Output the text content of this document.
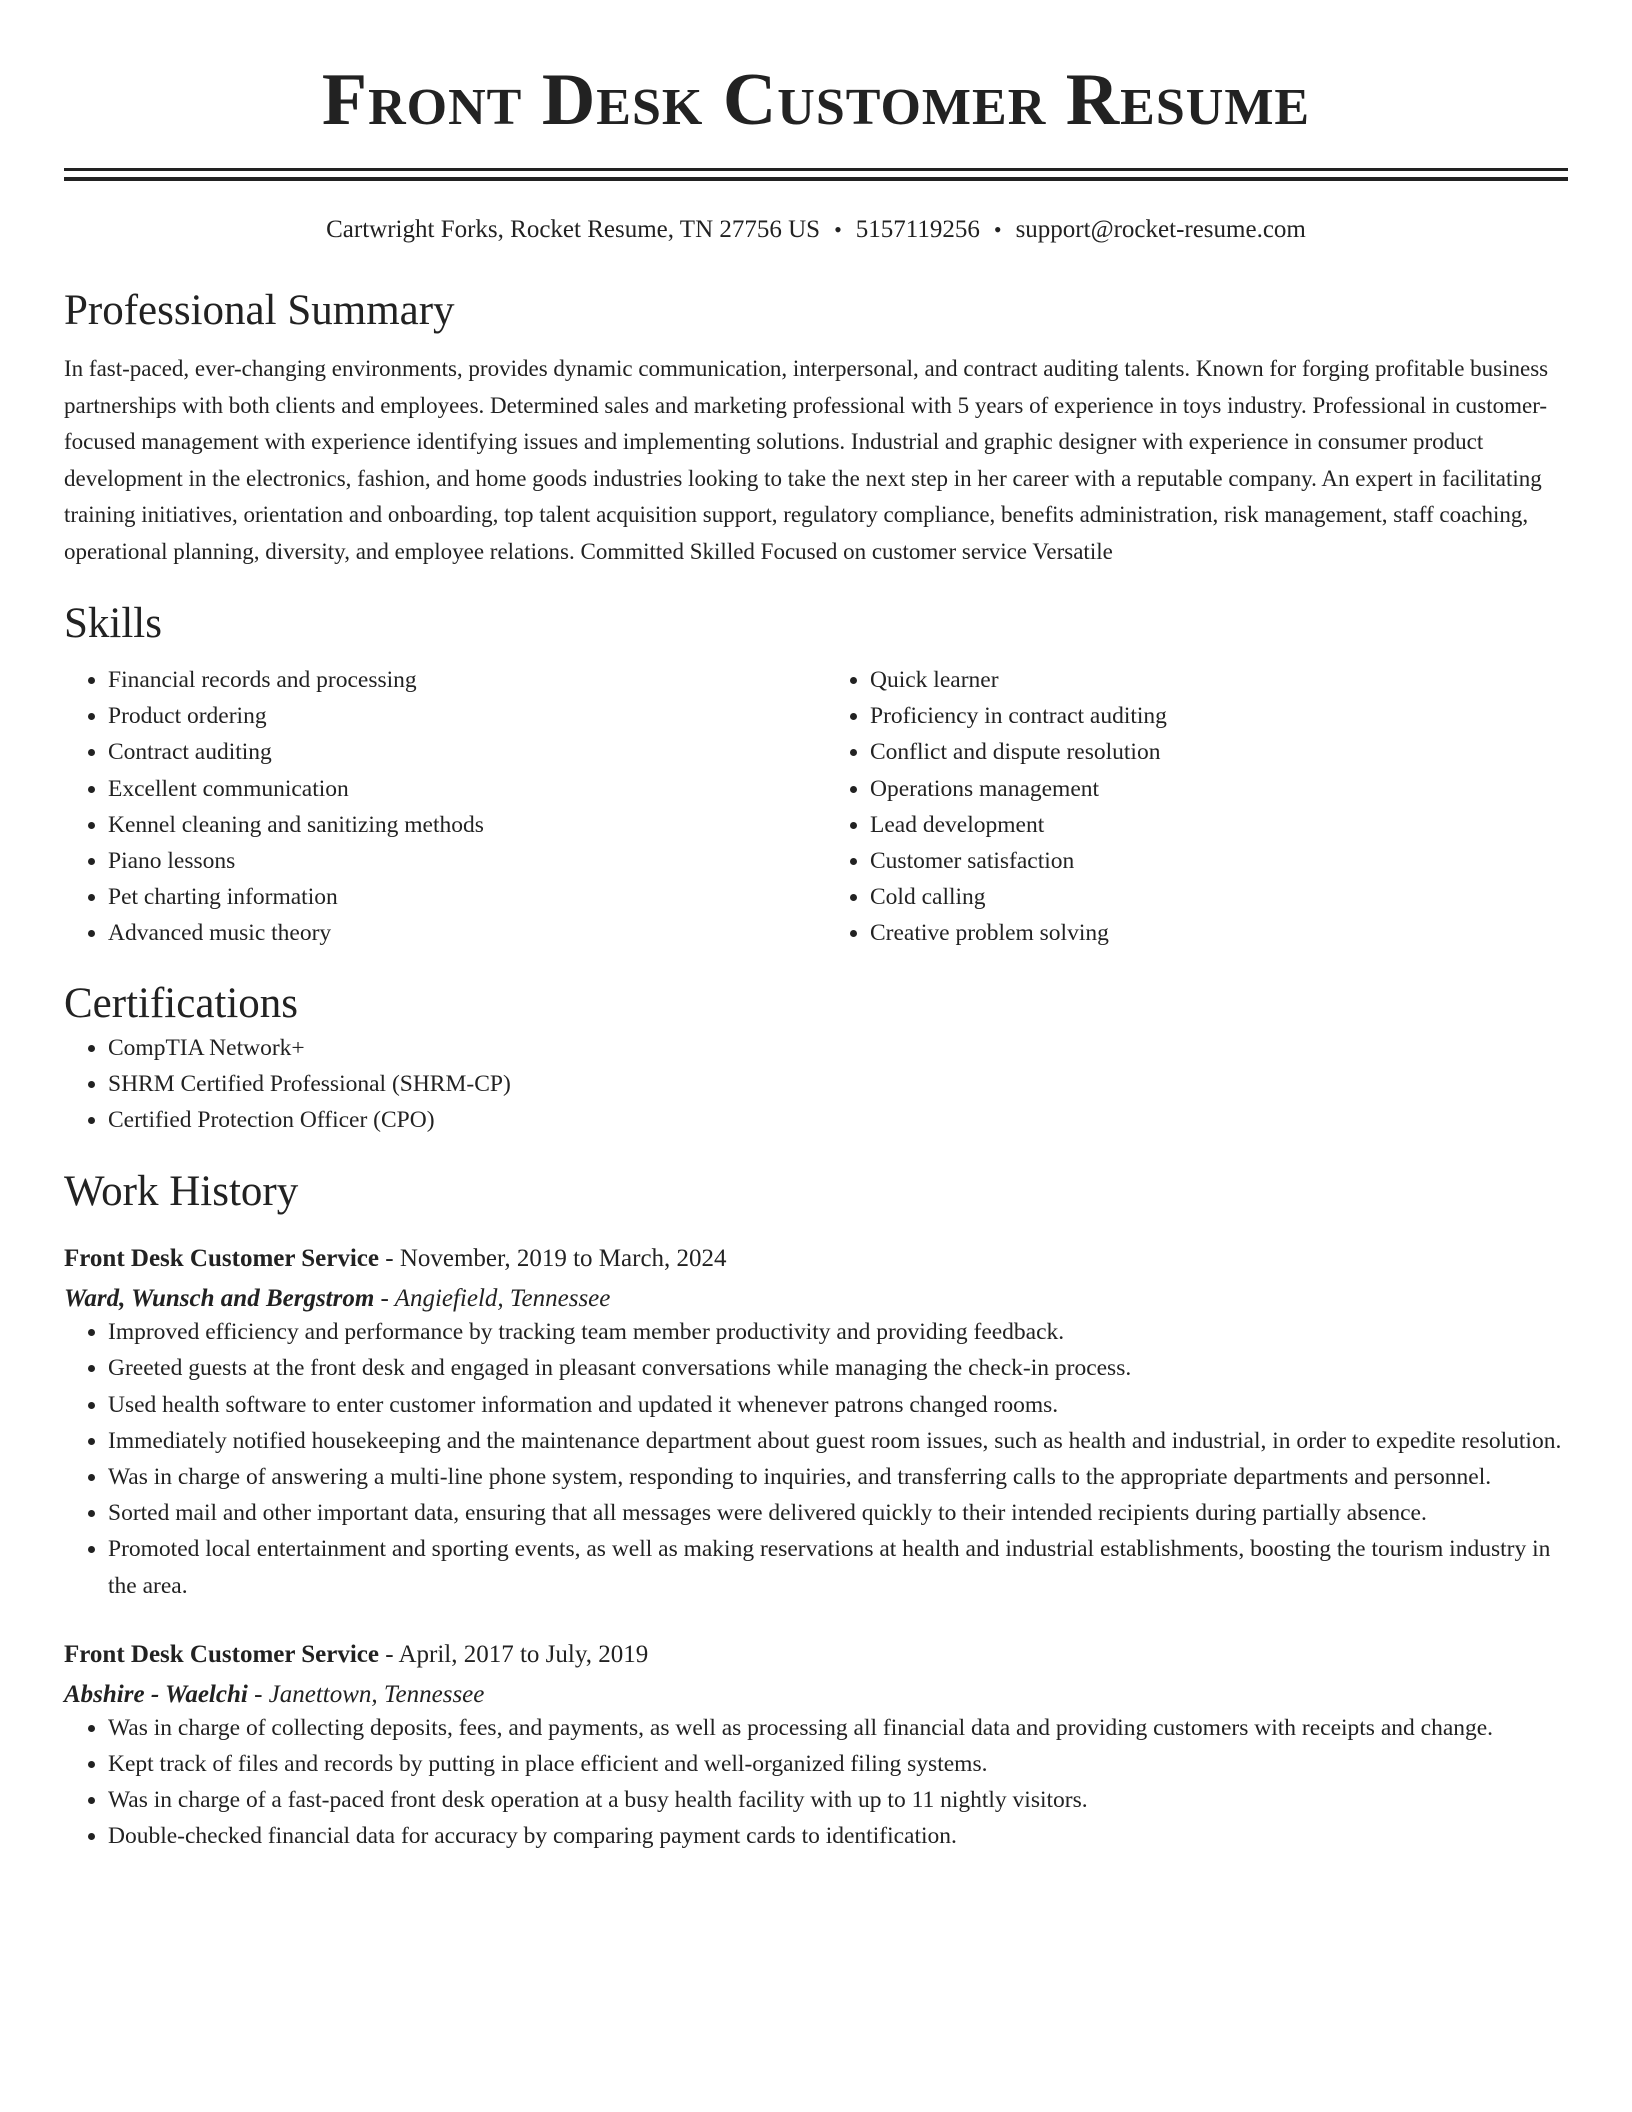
Front Desk Customer Resume
Cartwright Forks, Rocket Resume, TN 27756 US • 5157119256 • support@rocket-resume.com
Professional Summary

In fast-paced, ever-changing environments, provides dynamic communication, interpersonal, and contract auditing talents. Known for forging profitable business partnerships with both clients and employees. Determined sales and marketing professional with 5 years of experience in toys industry. Professional in customer-focused management with experience identifying issues and implementing solutions. Industrial and graphic designer with experience in consumer product development in the electronics, fashion, and home goods industries looking to take the next step in her career with a reputable company. An expert in facilitating training initiatives, orientation and onboarding, top talent acquisition support, regulatory compliance, benefits administration, risk management, staff coaching, operational planning, diversity, and employee relations. Committed Skilled Focused on customer service Versatile

Skills
• Financial records and processing
• Product ordering
• Contract auditing
• Excellent communication
• Kennel cleaning and sanitizing methods
• Piano lessons
• Pet charting information
• Advanced music theory
• Quick learner
• Proficiency in contract auditing
• Conflict and dispute resolution
• Operations management
• Lead development
• Customer satisfaction
• Cold calling
• Creative problem solving
Certifications
• CompTIA Network+
• SHRM Certified Professional (SHRM-CP)
• Certified Protection Officer (CPO)
Work History
Front Desk Customer Service - November, 2019 to March, 2024
Ward, Wunsch and Bergstrom - Angiefield, Tennessee
• Improved efficiency and performance by tracking team member productivity and providing feedback.
• Greeted guests at the front desk and engaged in pleasant conversations while managing the check-in process.
• Used health software to enter customer information and updated it whenever patrons changed rooms.
• Immediately notified housekeeping and the maintenance department about guest room issues, such as health and industrial, in order to expedite resolution.
• Was in charge of answering a multi-line phone system, responding to inquiries, and transferring calls to the appropriate departments and personnel.
• Sorted mail and other important data, ensuring that all messages were delivered quickly to their intended recipients during partially absence.
• Promoted local entertainment and sporting events, as well as making reservations at health and industrial establishments, boosting the tourism industry in the area.
Front Desk Customer Service - April, 2017 to July, 2019
Abshire - Waelchi - Janettown, Tennessee
• Was in charge of collecting deposits, fees, and payments, as well as processing all financial data and providing customers with receipts and change.
• Kept track of files and records by putting in place efficient and well-organized filing systems.
• Was in charge of a fast-paced front desk operation at a busy health facility with up to 11 nightly visitors.
• Double-checked financial data for accuracy by comparing payment cards to identification.
